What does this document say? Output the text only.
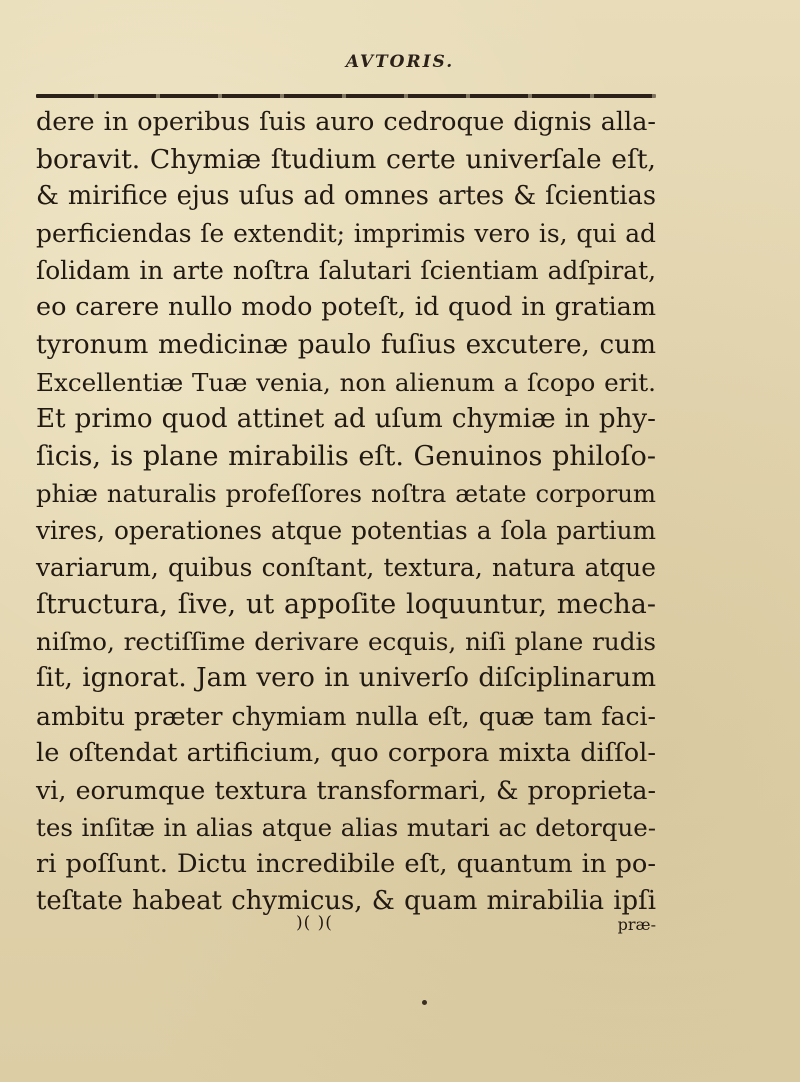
AVTORIS.
dere in operibus ſuis auro cedroque dignis alla-
boravit. Chymiæ ſtudium certe univerſale eſt,
& mirifice ejus uſus ad omnes artes & ſcientias
perficiendas ſe extendit; imprimis vero is, qui ad
ſolidam in arte noſtra ſalutari ſcientiam adſpirat,
eo carere nullo modo poteſt, id quod in gratiam
tyronum medicinæ paulo fuſius excutere, cum
Excellentiæ Tuæ venia, non alienum a ſcopo erit.
Et primo quod attinet ad uſum chymiæ in phy-
ſicis, is plane mirabilis eſt. Genuinos philoſo-
phiæ naturalis profeſſores noſtra ætate corporum
vires, operationes atque potentias a ſola partium
variarum, quibus conſtant, textura, natura atque
ſtructura, ſive, ut appoſite loquuntur, mecha-
niſmo, rectiſſime derivare ecquis, niſi plane rudis
ſit, ignorat. Jam vero in univerſo diſciplinarum
ambitu præter chymiam nulla eſt, quæ tam faci-
le oſtendat artificium, quo corpora mixta diſſol-
vi, eorumque textura transformari, & proprieta-
tes inſitæ in alias atque alias mutari ac detorque-
ri poſſunt. Dictu incredibile eſt, quantum in po-
teſtate habeat chymicus, & quam mirabilia ipſi
)( )(	præ-
